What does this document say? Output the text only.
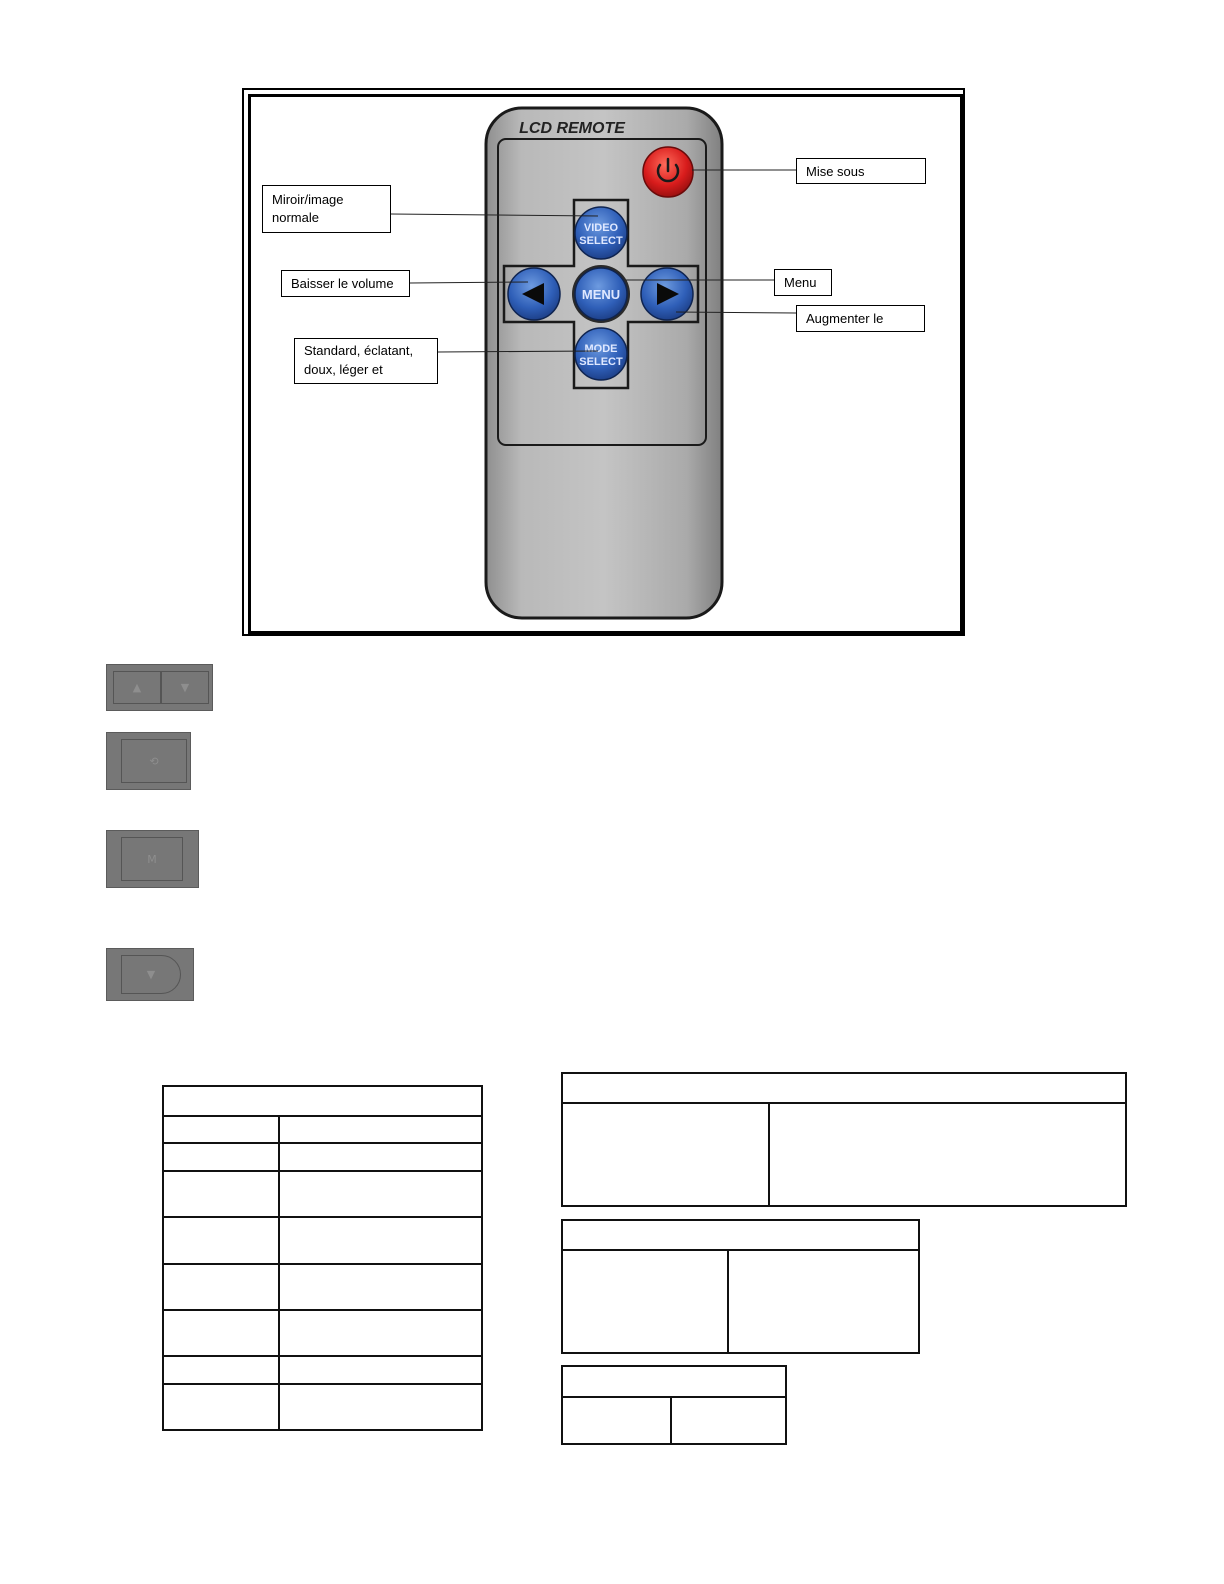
LCD REMOTE
VIDEO
SELECT
MENU
MODE
SELECT
Miroir/image
normale
Baisser le volume
Standard, éclatant,
doux, léger et
Mise sous
Menu
Augmenter le
▲	▼
⟲
M
▼
